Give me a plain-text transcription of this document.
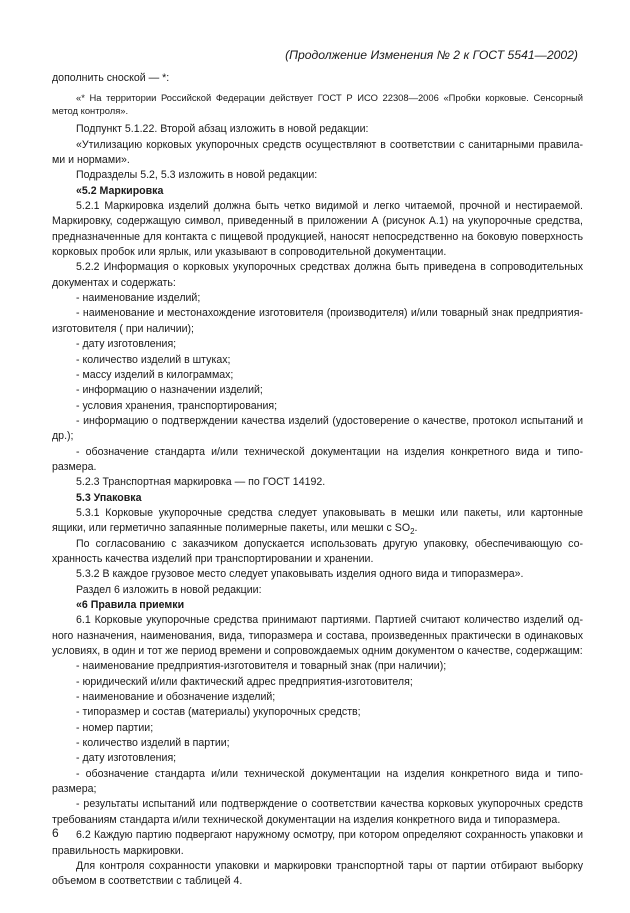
(Продолжение Изменения № 2 к ГОСТ 5541—2002)

дополнить сноской — *:

«* На территории Российской Федерации действует ГОСТ Р ИСО 22308—2006 «Пробки корковые. Сенсорный метод контроля».

Подпункт 5.1.22. Второй абзац изложить в новой редакции:

«Утилизацию корковых укупорочных средств осуществляют в соответствии с санитарными правилами и нормами».

Подразделы 5.2, 5.3 изложить в новой редакции:

«5.2 Маркировка

5.2.1 Маркировка изделий должна быть четко видимой и легко читаемой, прочной и нестираемой. Маркировку, содержащую символ, приведенный в приложении А (рисунок А.1) на укупорочные средства, предназначенные для контакта с пищевой продукцией, наносят непосредственно на боковую поверхность корковых пробок или ярлык, или указывают в сопроводительной документации.

5.2.2 Информация о корковых укупорочных средствах должна быть приведена в сопроводительных документах и содержать:

- наименование изделий;

- наименование и местонахождение изготовителя (производителя) и/или товарный знак предприятия-изготовителя ( при наличии);

- дату изготовления;

- количество изделий в штуках;

- массу изделий в килограммах;

- информацию о назначении изделий;

- условия хранения, транспортирования;

- информацию о подтверждении качества изделий (удостоверение о качестве, протокол испытаний и др.);

- обозначение стандарта и/или технической документации на изделия конкретного вида и типоразмера.

5.2.3 Транспортная маркировка — по ГОСТ 14192.

5.3 Упаковка

5.3.1 Корковые укупорочные средства следует упаковывать в мешки или пакеты, или картонные ящики, или герметично запаянные полимерные пакеты, или мешки с $SO_2$.

По согласованию с заказчиком допускается использовать другую упаковку, обеспечивающую сохранность качества изделий при транспортировании и хранении.

5.3.2 В каждое грузовое место следует упаковывать изделия одного вида и типоразмера».

Раздел 6 изложить в новой редакции:

«6 Правила приемки

6.1 Корковые укупорочные средства принимают партиями. Партией считают количество изделий одного назначения, наименования, вида, типоразмера и состава, произведенных практически в одинаковых условиях, в один и тот же период времени и сопровождаемых одним документом о качестве, содержащим:

- наименование предприятия-изготовителя и товарный знак (при наличии);

- юридический и/или фактический адрес предприятия-изготовителя;

- наименование и обозначение изделий;

- типоразмер и состав (материалы) укупорочных средств;

- номер партии;

- количество изделий в партии;

- дату изготовления;

- обозначение стандарта и/или технической документации на изделия конкретного вида и типоразмера;

- результаты испытаний или подтверждение о соответствии качества корковых укупорочных средств требованиям стандарта и/или технической документации на изделия конкретного вида и типоразмера.

6.2 Каждую партию подвергают наружному осмотру, при котором определяют сохранность упаковки и правильность маркировки.

Для контроля сохранности упаковки и маркировки транспортной тары от партии отбирают выборку объемом в соответствии с таблицей 4.

6
